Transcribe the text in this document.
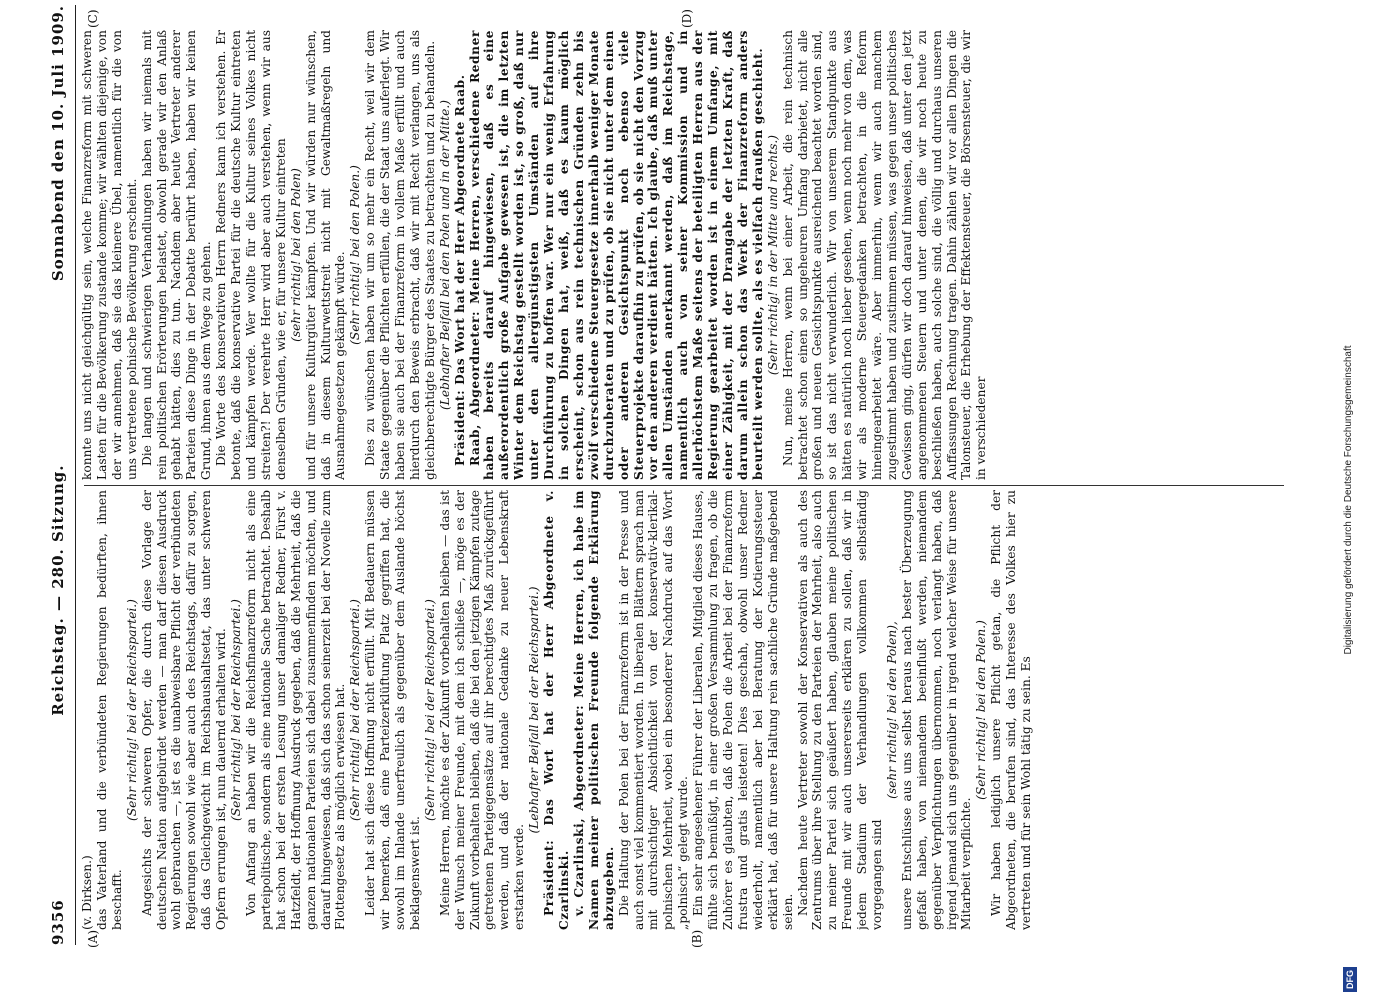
9356
Reichstag. — 280. Sitzung.
Sonnabend den 10. Juli 1909.
(A)	(B)
(C)	(D)

(v. Dirksen.) das Vaterland und die verbündeten Regierungen bedürften, ihnen beschafft.

(Sehr richtig! bei der Reichspartei.) Angesichts der schweren Opfer, die durch diese Vorlage der deutschen Nation aufgebürdet werden — man darf diesen Ausdruck wohl gebrauchen —, ist es die unabweisbare Pflicht der verbündeten Regierungen sowohl wie aber auch des Reichstags, dafür zu sorgen, daß das Gleichgewicht im Reichshaushaltsetat, das unter schweren Opfern errungen ist, nun dauernd erhalten wird. (Sehr richtig! bei der Reichspartei.) Von Anfang an haben wir die Reichsfinanzreform nicht als eine parteipolitische, sondern als eine nationale Sache betrachtet. Deshalb hat schon bei der ersten Lesung unser damaliger Redner, Fürst v. Hatzfeldt, der Hoffnung Ausdruck gegeben, daß die Mehrheit, daß die ganzen nationalen Parteien sich dabei zusammenfinden möchten, und darauf hingewiesen, daß sich das schon seinerzeit bei der Novelle zum Flottengesetz als möglich erwiesen hat. (Sehr richtig! bei der Reichspartei.) Leider hat sich diese Hoffnung nicht erfüllt. Mit Bedauern müssen wir bemerken, daß eine Parteizerklüftung Platz gegriffen hat, die sowohl im Inlande unerfreulich als gegenüber dem Auslande höchst beklagenswert ist.

(Sehr richtig! bei der Reichspartei.) Meine Herren, möchte es der Zukunft vorbehalten bleiben — das ist der Wunsch meiner Freunde, mit dem ich schließe —, möge es der Zukunft vorbehalten bleiben, daß die bei den jetzigen Kämpfen zutage getretenen Parteigegensätze auf ihr berechtigtes Maß zurückgeführt werden, und daß der nationale Gedanke zu neuer Lebenskraft erstarken werde.

(Lebhafter Beifall bei der Reichspartei.) Präsident: Das Wort hat der Herr Abgeordnete v. Czarlinski. v. Czarlinski, Abgeordneter: Meine Herren, ich habe im Namen meiner politischen Freunde folgende Erklärung abzugeben. Die Haltung der Polen bei der Finanzreform ist in der Presse und auch sonst viel kommentiert worden. In liberalen Blättern sprach man mit durchsichtiger Absichtlichkeit von der konservativ-klerikal-polnischen Mehrheit, wobei ein besonderer Nachdruck auf das Wort „polnisch“ gelegt wurde. Ein sehr angesehener Führer der Liberalen, Mitglied dieses Hauses, fühlte sich bemüßigt, in einer großen Versammlung zu fragen, ob die Zuhörer es glaubten, daß die Polen die Arbeit bei der Finanzreform frustra und gratis leisteten! Dies geschah, obwohl unser Redner wiederholt, namentlich aber bei Beratung der Kotierungssteuer erklärt hat, daß für unsere Haltung rein sachliche Gründe maßgebend seien. Nachdem heute Vertreter sowohl der Konservativen als auch des Zentrums über ihre Stellung zu den Parteien der Mehrheit, also auch zu meiner Partei sich geäußert haben, glauben meine politischen Freunde mit wir auch unsererseits erklären zu sollen, daß wir in jedem Stadium der Verhandlungen vollkommen selbständig vorgegangen sind

(sehr richtig! bei den Polen), unsere Entschlüsse aus uns selbst heraus nach bester Überzeugung gefaßt haben, von niemandem beeinflußt werden, niemandem gegenüber Verpflichtungen übernommen, noch verlangt haben, daß irgend jemand sich uns gegenüber in irgend welcher Weise für unsere Mitarbeit verpflichte.

(Sehr richtig! bei den Polen.) Wir haben lediglich unsere Pflicht getan, die Pflicht der Abgeordneten, die berufen sind, das Interesse des Volkes hier zu vertreten und für sein Wohl tätig zu sein. Es

konnte uns nicht gleichgültig sein, welche Finanzreform mit schweren Lasten für die Bevölkerung zustande komme; wir wählten diejenige, von der wir annehmen, daß sie das kleinere Übel, namentlich für die von uns vertretene polnische Bevölkerung erscheint. Die langen und schwierigen Verhandlungen haben wir niemals mit rein politischen Erörterungen belastet, obwohl gerade wir den Anlaß gehabt hätten, dies zu tun. Nachdem aber heute Vertreter anderer Parteien diese Dinge in der Debatte berührt haben, haben wir keinen Grund, ihnen aus dem Wege zu gehen. Die Worte des konservativen Herrn Redners kann ich verstehen. Er betonte, daß die konservative Partei für die deutsche Kultur eintreten und kämpfen werde. Wer wollte für die Kultur seines Volkes nicht streiten?! Der verehrte Herr wird aber auch verstehen, wenn wir aus denselben Gründen, wie er, für unsere Kultur eintreten (sehr richtig! bei den Polen) und für unsere Kulturgüter kämpfen. Und wir würden nur wünschen, daß in diesem Kulturwettstreit nicht mit Gewaltmaßregeln und Ausnahmegesetzen gekämpft würde. (Sehr richtig! bei den Polen.) Dies zu wünschen haben wir um so mehr ein Recht, weil wir dem Staate gegenüber die Pflichten erfüllen, die der Staat uns auferlegt. Wir haben sie auch bei der Finanzreform in vollem Maße erfüllt und auch hierdurch den Beweis erbracht, daß wir mit Recht verlangen, uns als gleichberechtigte Bürger des Staates zu betrachten und zu behandeln. (Lebhafter Beifall bei den Polen und in der Mitte.) Präsident: Das Wort hat der Herr Abgeordnete Raab. Raab, Abgeordneter: Meine Herren, verschiedene Redner haben bereits darauf hingewiesen, daß es eine außerordentlich große Aufgabe gewesen ist, die im letzten Winter dem Reichstag gestellt worden ist, so groß, daß nur unter den allergünstigsten Umständen auf ihre Durchführung zu hoffen war. Wer nur ein wenig Erfahrung in solchen Dingen hat, weiß, daß es kaum möglich erscheint, schon aus rein technischen Gründen zehn bis zwölf verschiedene Steuergesetze innerhalb weniger Monate durchzuberaten und zu prüfen, ob sie nicht unter dem einen oder anderen Gesichtspunkt noch ebenso viele Steuerprojekte daraufhin zu prüfen, ob sie nicht den Vorzug vor den anderen verdient hätten. Ich glaube, daß muß unter allen Umständen anerkannt werden, daß im Reichstage, namentlich auch von seiner Kommission und in allerhöchstem Maße seitens der beteiligten Herren aus der Regierung gearbeitet worden ist in einem Umfange, mit einer Zähigkeit, mit der Drangabe der letzten Kraft, daß darum allein schon das Werk der Finanzreform anders beurteilt werden sollte, als es vielfach draußen geschieht. (Sehr richtig! in der Mitte und rechts.) Nun, meine Herren, wenn bei einer Arbeit, die rein technisch betrachtet schon einen so ungeheuren Umfang darbietet, nicht alle großen und neuen Gesichtspunkte ausreichend beachtet worden sind, so ist das nicht verwunderlich. Wir von unserem Standpunkte aus hätten es natürlich noch lieber gesehen, wenn noch mehr von dem, was wir als moderne Steuergedanken betrachten, in die Reform hineingearbeitet wäre. Aber immerhin, wenn wir auch manchem zugestimmt haben und zustimmen müssen, was gegen unser politisches Gewissen ging, dürfen wir doch darauf hinweisen, daß unter den jetzt angenommenen Steuern und unter denen, die wir noch heute zu beschließen haben, auch solche sind, die völlig und durchaus unseren Auffassungen Rechnung tragen. Dahin zählen wir vor allen Dingen die Talonsteuer, die Erhebung der Effektensteuer, die Börsensteuer, die wir in verschiedener

DFG
Digitalisierung gefördert durch die Deutsche Forschungsgemeinschaft
